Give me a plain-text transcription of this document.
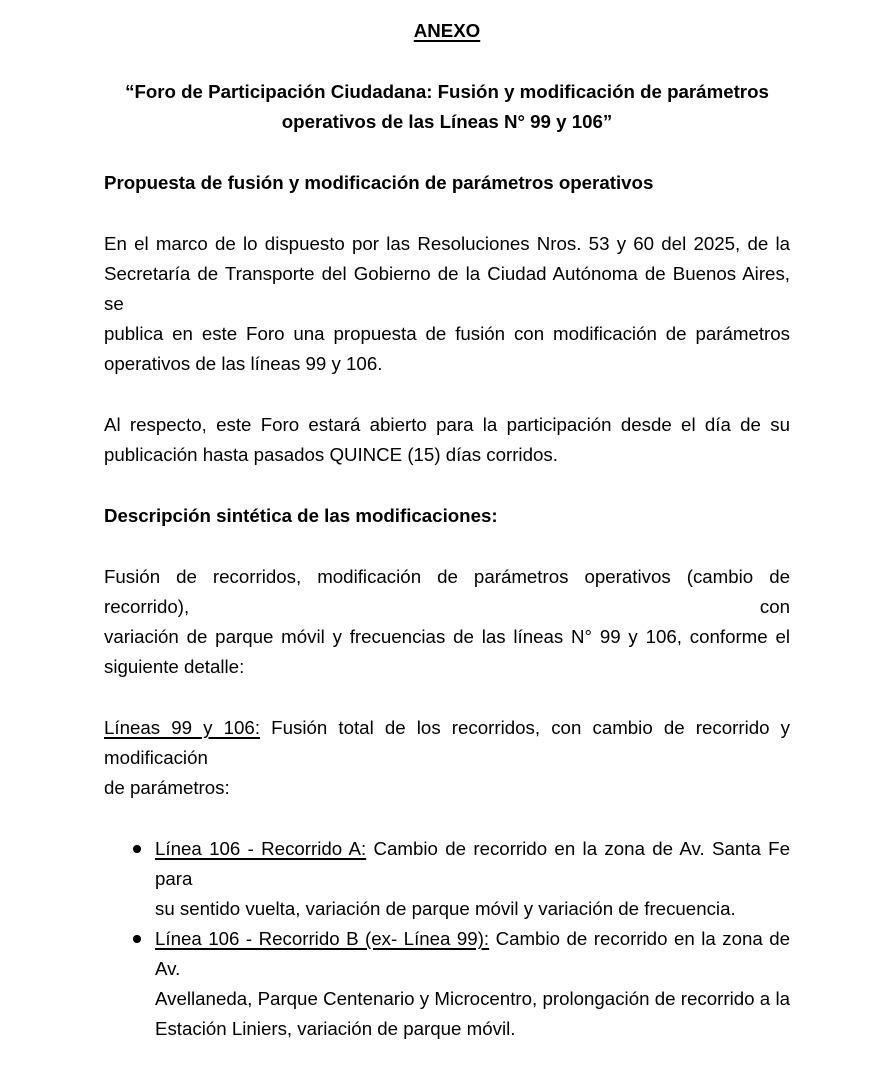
ANEXO
“Foro de Participación Ciudadana: Fusión y modificación de parámetros
operativos de las Líneas N° 99 y 106”
Propuesta de fusión y modificación de parámetros operativos
En el marco de lo dispuesto por las Resoluciones Nros. 53 y 60 del 2025, de la
Secretaría de Transporte del Gobierno de la Ciudad Autónoma de Buenos Aires, se
publica en este Foro una propuesta de fusión con modificación de parámetros
operativos de las líneas 99 y 106.
Al respecto, este Foro estará abierto para la participación desde el día de su
publicación hasta pasados QUINCE (15) días corridos.
Descripción sintética de las modificaciones:
Fusión de recorridos, modificación de parámetros operativos (cambio de recorrido), con
variación de parque móvil y frecuencias de las líneas N° 99 y 106, conforme el
siguiente detalle:
Líneas 99 y 106: Fusión total de los recorridos, con cambio de recorrido y modificación
de parámetros:
Línea 106 - Recorrido A: Cambio de recorrido en la zona de Av. Santa Fe para
su sentido vuelta, variación de parque móvil y variación de frecuencia.
Línea 106 - Recorrido B (ex- Línea 99): Cambio de recorrido en la zona de Av.
Avellaneda, Parque Centenario y Microcentro, prolongación de recorrido a la
Estación Liniers, variación de parque móvil.
